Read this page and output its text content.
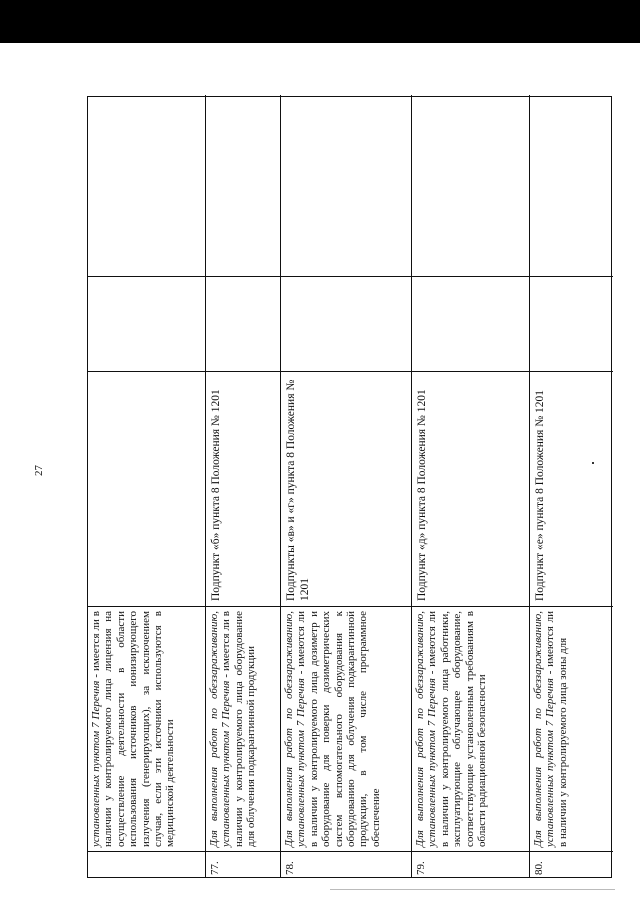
27
установленных пунктом 7 Перечня - имеется ли в наличии у контролируемого лица лицензия на осуществление деятельности в области использования источников ионизирующего излучения (генерирующих), за исключением случая, если эти источники используются в медицинской деятельности
77.
Для выполнения работ по обеззараживанию, установленных пунктом 7 Перечня - имеется ли в наличии у контролируемого лица оборудование для облучения подкарантинной продукции
Подпункт «б» пункта 8 Положения № 1201
78.
Для выполнения работ по обеззараживанию, установленных пунктом 7 Перечня - имеются ли в наличии у контролируемого лица дозиметр и оборудование для поверки дозиметрических систем вспомогательного оборудования к оборудованию для облучения подкарантинной продукции, в том числе программное обеспечение
Подпункты «в» и «г» пункта 8 Положения № 1201
79.
Для выполнения работ по обеззараживанию, установленных пунктом 7 Перечня - имеются ли в наличии у контролируемого лица работники, эксплуатирующие облучающее оборудование, соответствующие установленным требованиям в области радиационной безопасности
Подпункт «д» пункта 8 Положения № 1201
80.
Для выполнения работ по обеззараживанию, установленных пунктом 7 Перечня - имеются ли в наличии у контролируемого лица зоны для
Подпункт «е» пункта 8 Положения № 1201
